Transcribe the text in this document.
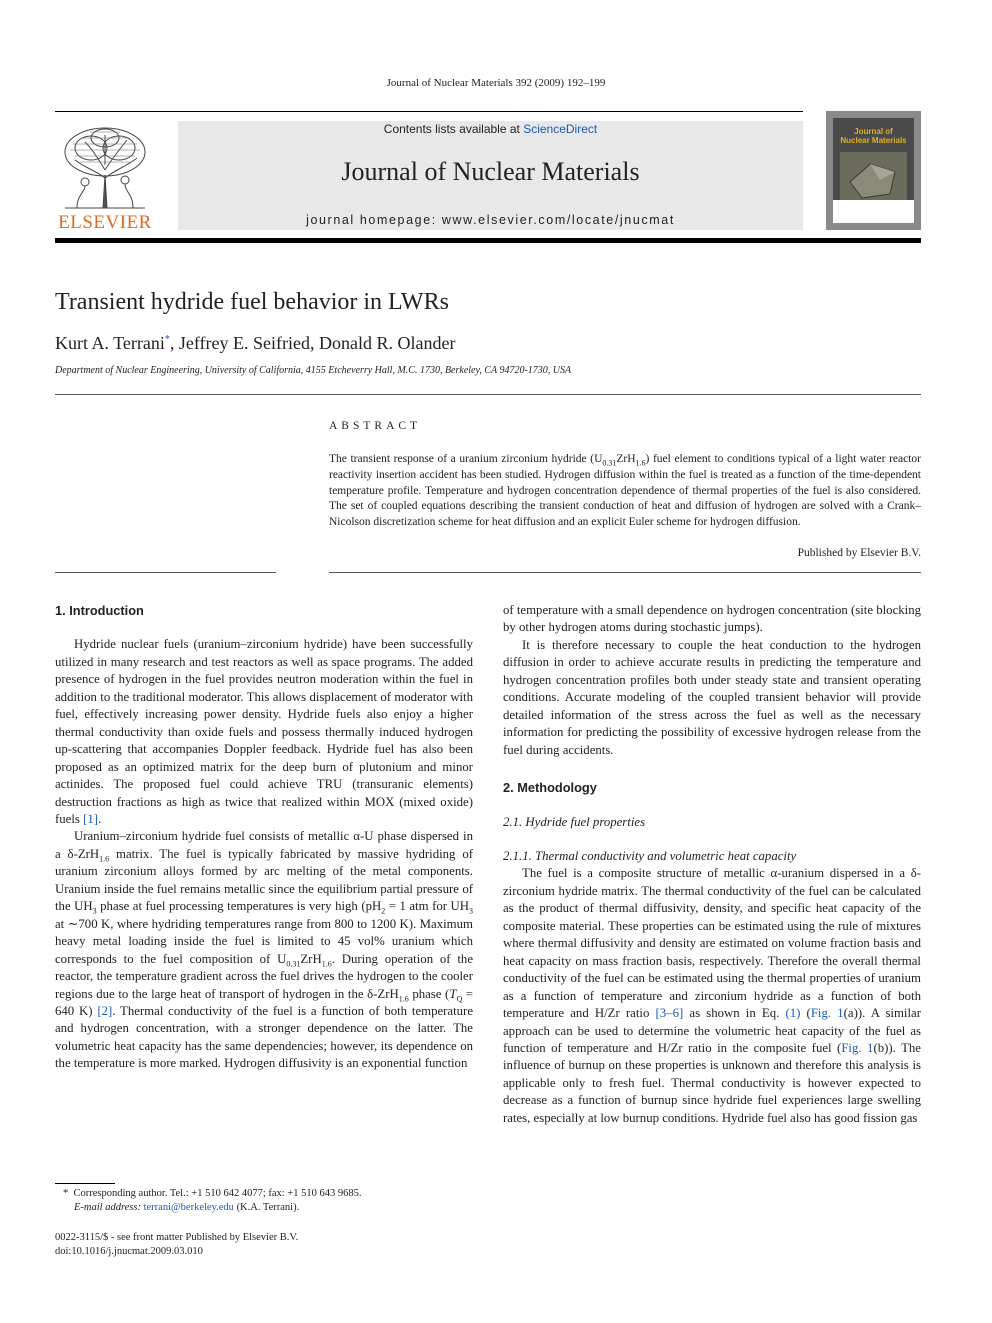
Journal of Nuclear Materials 392 (2009) 192–199
ELSEVIER
Contents lists available at ScienceDirect
Journal of Nuclear Materials
journal homepage: www.elsevier.com/locate/jnucmat
Journal of
Nuclear Materials
Transient hydride fuel behavior in LWRs
Kurt A. Terrani*, Jeffrey E. Seifried, Donald R. Olander
Department of Nuclear Engineering, University of California, 4155 Etcheverry Hall, M.C. 1730, Berkeley, CA 94720-1730, USA
ABSTRACT
The transient response of a uranium zirconium hydride $(U_{0.31}ZrH_{1.6})$ fuel element to conditions typical of a light water reactor reactivity insertion accident has been studied. Hydrogen diffusion within the fuel is treated as a function of the time-dependent temperature profile. Temperature and hydrogen concentration dependence of thermal properties of the fuel is also considered. The set of coupled equations describing the transient conduction of heat and diffusion of hydrogen are solved with a Crank–Nicolson discretization scheme for heat diffusion and an explicit Euler scheme for hydrogen diffusion.
Published by Elsevier B.V.
1. Introduction

Hydride nuclear fuels (uranium–zirconium hydride) have been successfully utilized in many research and test reactors as well as space programs. The added presence of hydrogen in the fuel provides neutron moderation within the fuel in addition to the traditional moderator. This allows displacement of moderator with fuel, effectively increasing power density. Hydride fuels also enjoy a higher thermal conductivity than oxide fuels and possess thermally induced hydrogen up-scattering that accompanies Doppler feedback. Hydride fuel has also been proposed as an optimized matrix for the deep burn of plutonium and minor actinides. The proposed fuel could achieve TRU (transuranic elements) destruction fractions as high as twice that realized within MOX (mixed oxide) fuels [1].

Uranium–zirconium hydride fuel consists of metallic α-U phase dispersed in a δ-ZrH$_{1.6}$ matrix. The fuel is typically fabricated by massive hydriding of uranium zirconium alloys formed by arc melting of the metal components. Uranium inside the fuel remains metallic since the equilibrium partial pressure of the $UH_3$ phase at fuel processing temperatures is very high ($pH_2 = 1$ atm for $UH_3$ at ∼700 K, where hydriding temperatures range from 800 to 1200 K). Maximum heavy metal loading inside the fuel is limited to 45 vol% uranium which corresponds to the fuel composition of $U_{0.31}ZrH_{1.6}$. During operation of the reactor, the temperature gradient across the fuel drives the hydrogen to the cooler regions due to the large heat of transport of hydrogen in the δ-ZrH$_{1.6}$ phase ($T_Q = 640$ K) [2]. Thermal conductivity of the fuel is a function of both temperature and hydrogen concentration, with a stronger dependence on the latter. The volumetric heat capacity has the same dependencies; however, its dependence on the temperature is more marked. Hydrogen diffusivity is an exponential function

of temperature with a small dependence on hydrogen concentration (site blocking by other hydrogen atoms during stochastic jumps).

It is therefore necessary to couple the heat conduction to the hydrogen diffusion in order to achieve accurate results in predicting the temperature and hydrogen concentration profiles both under steady state and transient operating conditions. Accurate modeling of the coupled transient behavior will provide detailed information of the stress across the fuel as well as the necessary information for predicting the possibility of excessive hydrogen release from the fuel during accidents.

2. Methodology
2.1. Hydride fuel properties
2.1.1. Thermal conductivity and volumetric heat capacity

The fuel is a composite structure of metallic α-uranium dispersed in a δ-zirconium hydride matrix. The thermal conductivity of the fuel can be calculated as the product of thermal diffusivity, density, and specific heat capacity of the composite material. These properties can be estimated using the rule of mixtures where thermal diffusivity and density are estimated on volume fraction basis and heat capacity on mass fraction basis, respectively. Therefore the overall thermal conductivity of the fuel can be estimated using the thermal properties of uranium as a function of temperature and zirconium hydride as a function of both temperature and H/Zr ratio [3–6] as shown in Eq. (1) (Fig. 1(a)). A similar approach can be used to determine the volumetric heat capacity of the fuel as function of temperature and H/Zr ratio in the composite fuel (Fig. 1(b)). The influence of burnup on these properties is unknown and therefore this analysis is applicable only to fresh fuel. Thermal conductivity is however expected to decrease as a function of burnup since hydride fuel experiences large swelling rates, especially at low burnup conditions. Hydride fuel also has good fission gas

* Corresponding author. Tel.: +1 510 642 4077; fax: +1 510 643 9685.
E-mail address: terrani@berkeley.edu (K.A. Terrani).
0022-3115/$ - see front matter Published by Elsevier B.V.
doi:10.1016/j.jnucmat.2009.03.010
